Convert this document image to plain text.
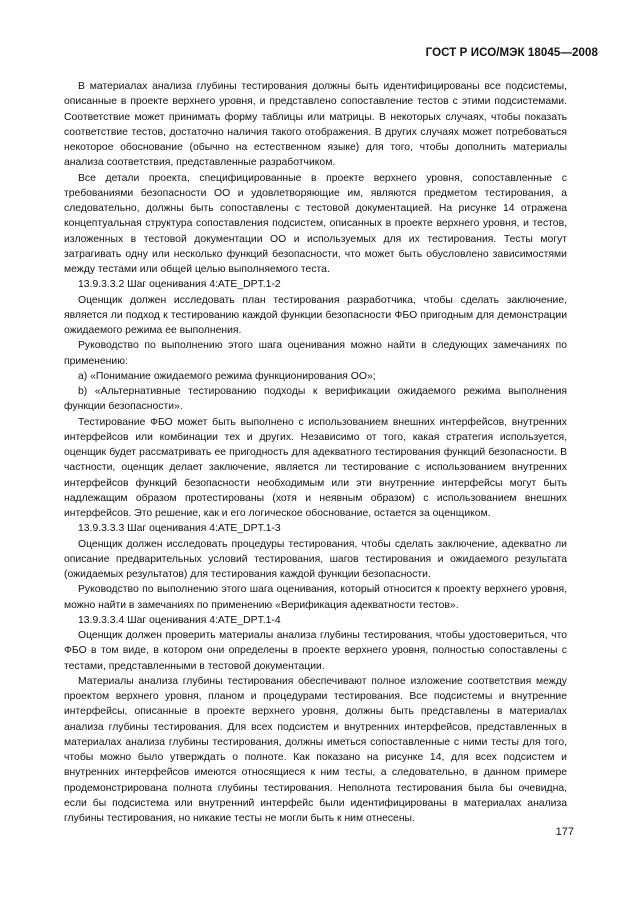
ГОСТ Р ИСО/МЭК 18045—2008

В материалах анализа глубины тестирования должны быть идентифицированы все подсистемы, описанные в проекте верхнего уровня, и представлено сопоставление тестов с этими подсистемами. Соответствие может принимать форму таблицы или матрицы. В некоторых случаях, чтобы показать соответствие тестов, достаточно наличия такого отображения. В других случаях может потребоваться некоторое обоснование (обычно на естественном языке) для того, чтобы дополнить материалы анализа соответствия, представленные разработчиком.

Все детали проекта, специфицированные в проекте верхнего уровня, сопоставленные с требованиями безопасности ОО и удовлетворяющие им, являются предметом тестирования, а следовательно, должны быть сопоставлены с тестовой документацией. На рисунке 14 отражена концептуальная структура сопоставления подсистем, описанных в проекте верхнего уровня, и тестов, изложенных в тестовой документации ОО и используемых для их тестирования. Тесты могут затрагивать одну или несколько функций безопасности, что может быть обусловлено зависимостями между тестами или общей целью выполняемого теста.

13.9.3.3.2 Шаг оценивания 4:ATE_DPT.1-2

Оценщик должен исследовать план тестирования разработчика, чтобы сделать заключение, является ли подход к тестированию каждой функции безопасности ФБО пригодным для демонстрации ожидаемого режима ее выполнения.

Руководство по выполнению этого шага оценивания можно найти в следующих замечаниях по применению:

a) «Понимание ожидаемого режима функционирования ОО»;

b) «Альтернативные тестированию подходы к верификации ожидаемого режима выполнения функции безопасности».

Тестирование ФБО может быть выполнено с использованием внешних интерфейсов, внутренних интерфейсов или комбинации тех и других. Независимо от того, какая стратегия используется, оценщик будет рассматривать ее пригодность для адекватного тестирования функций безопасности. В частности, оценщик делает заключение, является ли тестирование с использованием внутренних интерфейсов функций безопасности необходимым или эти внутренние интерфейсы могут быть надлежащим образом протестированы (хотя и неявным образом) с использованием внешних интерфейсов. Это решение, как и его логическое обоснование, остается за оценщиком.

13.9.3.3.3 Шаг оценивания 4:ATE_DPT.1-3

Оценщик должен исследовать процедуры тестирования, чтобы сделать заключение, адекватно ли описание предварительных условий тестирования, шагов тестирования и ожидаемого результата (ожидаемых результатов) для тестирования каждой функции безопасности.

Руководство по выполнению этого шага оценивания, который относится к проекту верхнего уровня, можно найти в замечаниях по применению «Верификация адекватности тестов».

13.9.3.3.4 Шаг оценивания 4:ATE_DPT.1-4

Оценщик должен проверить материалы анализа глубины тестирования, чтобы удостовериться, что ФБО в том виде, в котором они определены в проекте верхнего уровня, полностью сопоставлены с тестами, представленными в тестовой документации.

Материалы анализа глубины тестирования обеспечивают полное изложение соответствия между проектом верхнего уровня, планом и процедурами тестирования. Все подсистемы и внутренние интерфейсы, описанные в проекте верхнего уровня, должны быть представлены в материалах анализа глубины тестирования. Для всех подсистем и внутренних интерфейсов, представленных в материалах анализа глубины тестирования, должны иметься сопоставленные с ними тесты для того, чтобы можно было утверждать о полноте. Как показано на рисунке 14, для всех подсистем и внутренних интерфейсов имеются относящиеся к ним тесты, а следовательно, в данном примере продемонстрирована полнота глубины тестирования. Неполнота тестирования была бы очевидна, если бы подсистема или внутренний интерфейс были идентифицированы в материалах анализа глубины тестирования, но никакие тесты не могли быть к ним отнесены.

177
